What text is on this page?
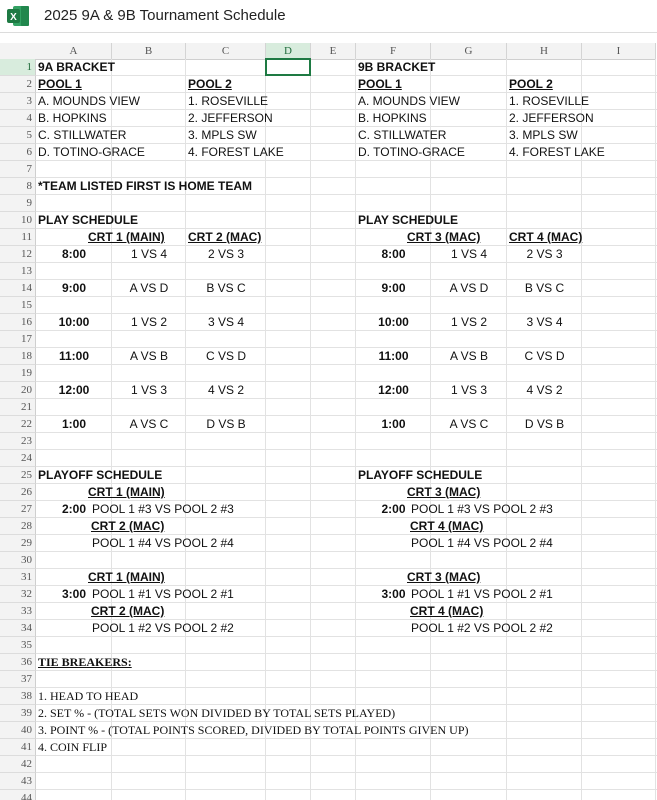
X 2025 9A & 9B Tournament Schedule
A	B	C	D	E	F	G	H	I
1
2
3
4
5
6
7
8
9
10
11
12
13
14
15
16
17
18
19
20
21
22
23
24
25
26
27
28
29
30
31
32
33
34
35
36
37
38
39
40
41
42
43
44
9A BRACKET
POOL 1	POOL 2
A. MOUNDS VIEW	1. ROSEVILLE
B. HOPKINS	2. JEFFERSON
C. STILLWATER	3. MPLS SW
D. TOTINO-GRACE	4. FOREST LAKE
*TEAM LISTED FIRST IS HOME TEAM
PLAY SCHEDULE
CRT 1 (MAIN) CRT 2 (MAC)
8:00	1 VS 4	2 VS 3
9:00	A VS D	B VS C
10:00	1 VS 2	3 VS 4
11:00	A VS B	C VS D
12:00	1 VS 3	4 VS 2
1:00	A VS C	D VS B
PLAYOFF SCHEDULE
CRT 1 (MAIN)
2:00 POOL 1 #3 VS POOL 2 #3
CRT 2 (MAC)
POOL 1 #4 VS POOL 2 #4
CRT 1 (MAIN)
3:00 POOL 1 #1 VS POOL 2 #1
CRT 2 (MAC)
POOL 1 #2 VS POOL 2 #2
9B BRACKET
POOL 1	POOL 2
A. MOUNDS VIEW	1. ROSEVILLE
B. HOPKINS	2. JEFFERSON
C. STILLWATER	3. MPLS SW
D. TOTINO-GRACE	4. FOREST LAKE
PLAY SCHEDULE
CRT 3 (MAC) CRT 4 (MAC)
8:00	1 VS 4	2 VS 3
9:00	A VS D	B VS C
10:00	1 VS 2	3 VS 4
11:00	A VS B	C VS D
12:00	1 VS 3	4 VS 2
1:00	A VS C	D VS B
PLAYOFF SCHEDULE
CRT 3 (MAC)
2:00 POOL 1 #3 VS POOL 2 #3
CRT 4 (MAC)
POOL 1 #4 VS POOL 2 #4
CRT 3 (MAC)
3:00 POOL 1 #1 VS POOL 2 #1
CRT 4 (MAC)
POOL 1 #2 VS POOL 2 #2
TIE BREAKERS:
1. HEAD TO HEAD
2. SET % - (TOTAL SETS WON DIVIDED BY TOTAL SETS PLAYED)
3. POINT % - (TOTAL POINTS SCORED, DIVIDED BY TOTAL POINTS GIVEN UP)
4. COIN FLIP
